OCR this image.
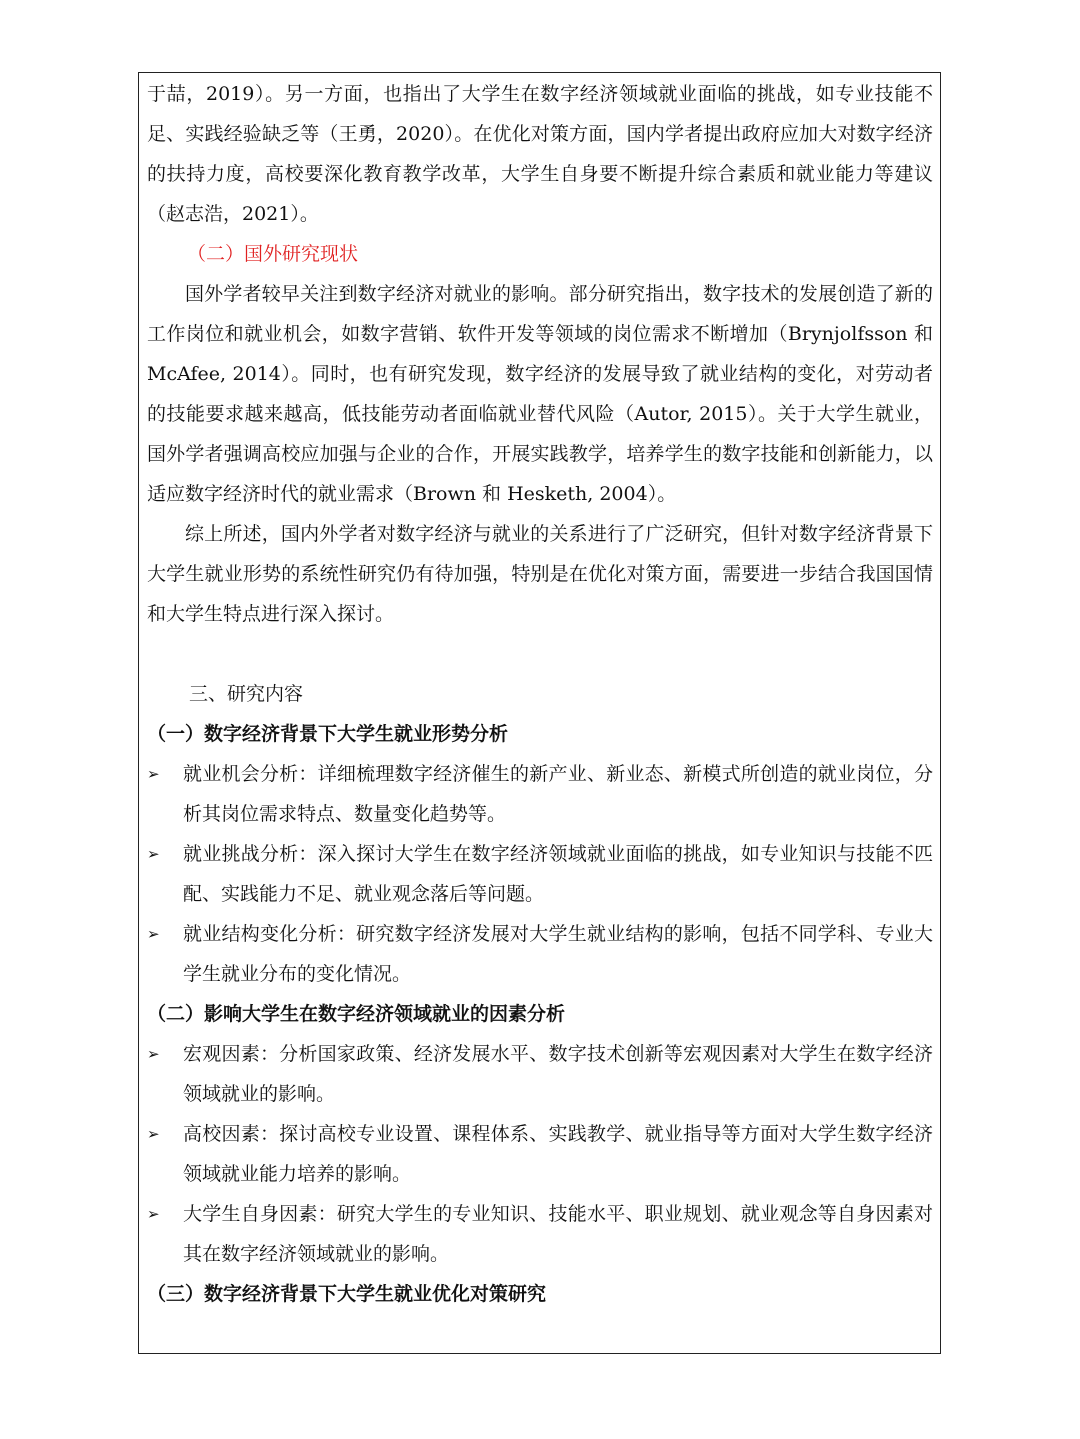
于喆，2019）。另一方面，也指出了大学生在数字经济领域就业面临的挑战，如专业技能不足、实践经验缺乏等（王勇，2020）。在优化对策方面，国内学者提出政府应加大对数字经济的扶持力度，高校要深化教育教学改革，大学生自身要不断提升综合素质和就业能力等建议（赵志浩，2021）。

（二）国外研究现状

国外学者较早关注到数字经济对就业的影响。部分研究指出，数字技术的发展创造了新的工作岗位和就业机会，如数字营销、软件开发等领域的岗位需求不断增加（Brynjolfsson 和 McAfee, 2014）。同时，也有研究发现，数字经济的发展导致了就业结构的变化，对劳动者的技能要求越来越高，低技能劳动者面临就业替代风险（Autor, 2015）。关于大学生就业，国外学者强调高校应加强与企业的合作，开展实践教学，培养学生的数字技能和创新能力，以适应数字经济时代的就业需求（Brown 和 Hesketh, 2004）。

综上所述，国内外学者对数字经济与就业的关系进行了广泛研究，但针对数字经济背景下大学生就业形势的系统性研究仍有待加强，特别是在优化对策方面，需要进一步结合我国国情和大学生特点进行深入探讨。

三、研究内容

（一）数字经济背景下大学生就业形势分析

➢	就业机会分析：详细梳理数字经济催生的新产业、新业态、新模式所创造的就业岗位，分析其岗位需求特点、数量变化趋势等。
➢	就业挑战分析：深入探讨大学生在数字经济领域就业面临的挑战，如专业知识与技能不匹配、实践能力不足、就业观念落后等问题。
➢	就业结构变化分析：研究数字经济发展对大学生就业结构的影响，包括不同学科、专业大学生就业分布的变化情况。

（二）影响大学生在数字经济领域就业的因素分析

➢	宏观因素：分析国家政策、经济发展水平、数字技术创新等宏观因素对大学生在数字经济领域就业的影响。
➢	高校因素：探讨高校专业设置、课程体系、实践教学、就业指导等方面对大学生数字经济领域就业能力培养的影响。
➢	大学生自身因素：研究大学生的专业知识、技能水平、职业规划、就业观念等自身因素对其在数字经济领域就业的影响。

（三）数字经济背景下大学生就业优化对策研究
